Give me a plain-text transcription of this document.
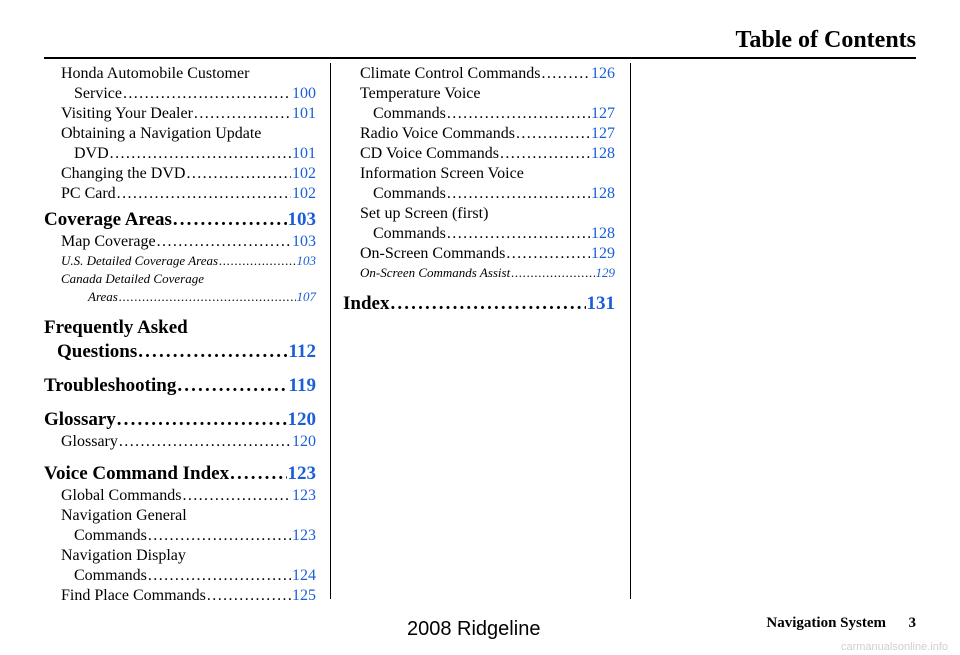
Table of Contents
Honda Automobile Customer
Service . . .	100
Visiting Your Dealer . . .	101
Obtaining a Navigation Update
DVD . . .	101
Changing the DVD . . .	102
PC Card . . .	102
Coverage Areas . . .	103
Map Coverage . . .	103
U.S. Detailed Coverage Areas . . .	103
Canada Detailed Coverage
Areas . . .	107
Frequently Asked
Questions . . .	112
Troubleshooting . . .	119
Glossary . . .	120
Glossary . . .	120
Voice Command Index . . .	123
Global Commands . . .	123
Navigation General
Commands . . .	123
Navigation Display
Commands . . .	124
Find Place Commands . . .	125
Climate Control Commands . . .	126
Temperature Voice
Commands . . .	127
Radio Voice Commands . . .	127
CD Voice Commands . . .	128
Information Screen Voice
Commands . . .	128
Set up Screen (first)
Commands . . .	128
On-Screen Commands . . .	129
On-Screen Commands Assist . . .	129
Index . . .	131
Navigation System 3
2008 Ridgeline
carmanualsonline.info
